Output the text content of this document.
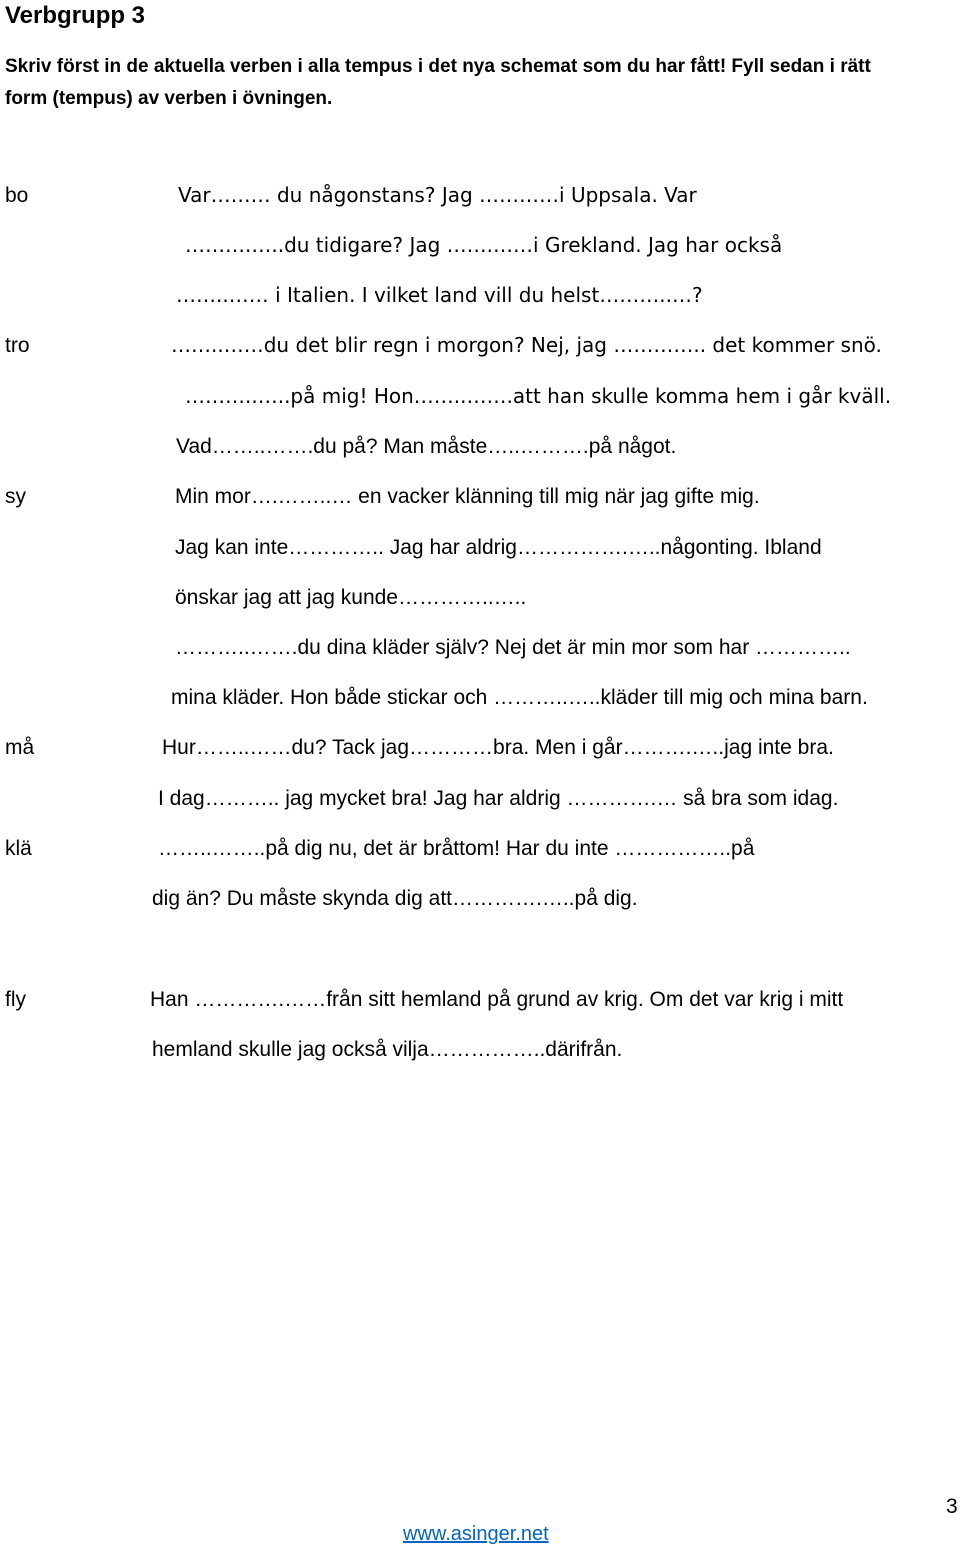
Verbgrupp 3
Skriv först in de aktuella verben i alla tempus i det nya schemat som du har fått! Fyll sedan i rätt
form (tempus) av verben i övningen.
bo
tro
sy
må
klä
fly
Var……… du någonstans? Jag …………i Uppsala. Var
……….…..du tidigare? Jag …….……i Grekland. Jag har också
……..…… i Italien. I vilket land vill du helst………..…?
……..……du det blir regn i morgon? Nej, jag ………….. det kommer snö.
………..…..på mig! Hon……..…….att han skulle komma hem i går kväll.
Vad……..…….du på? Man måste…..……….på något.
Min mor….……..… en vacker klänning till mig när jag gifte mig.
Jag kan inte………….. Jag har aldrig…………….…..någonting. Ibland
önskar jag att jag kunde…………..…..
………..…….du dina kläder själv? Nej det är min mor som har …………..
mina kläder. Hon både stickar och ………..…..kläder till mig och mina barn.
Hur……..……du? Tack jag…………bra. Men i går……….…..jag inte bra.
I dag……….. jag mycket bra! Jag har aldrig ………….… så bra som idag.
……..……..på dig nu, det är bråttom! Har du inte ……………..på
dig än? Du måste skynda dig att………….…..på dig.
Han ………….……från sitt hemland på grund av krig. Om det var krig i mitt
hemland skulle jag också vilja……………..därifrån.
3
www.asinger.net
